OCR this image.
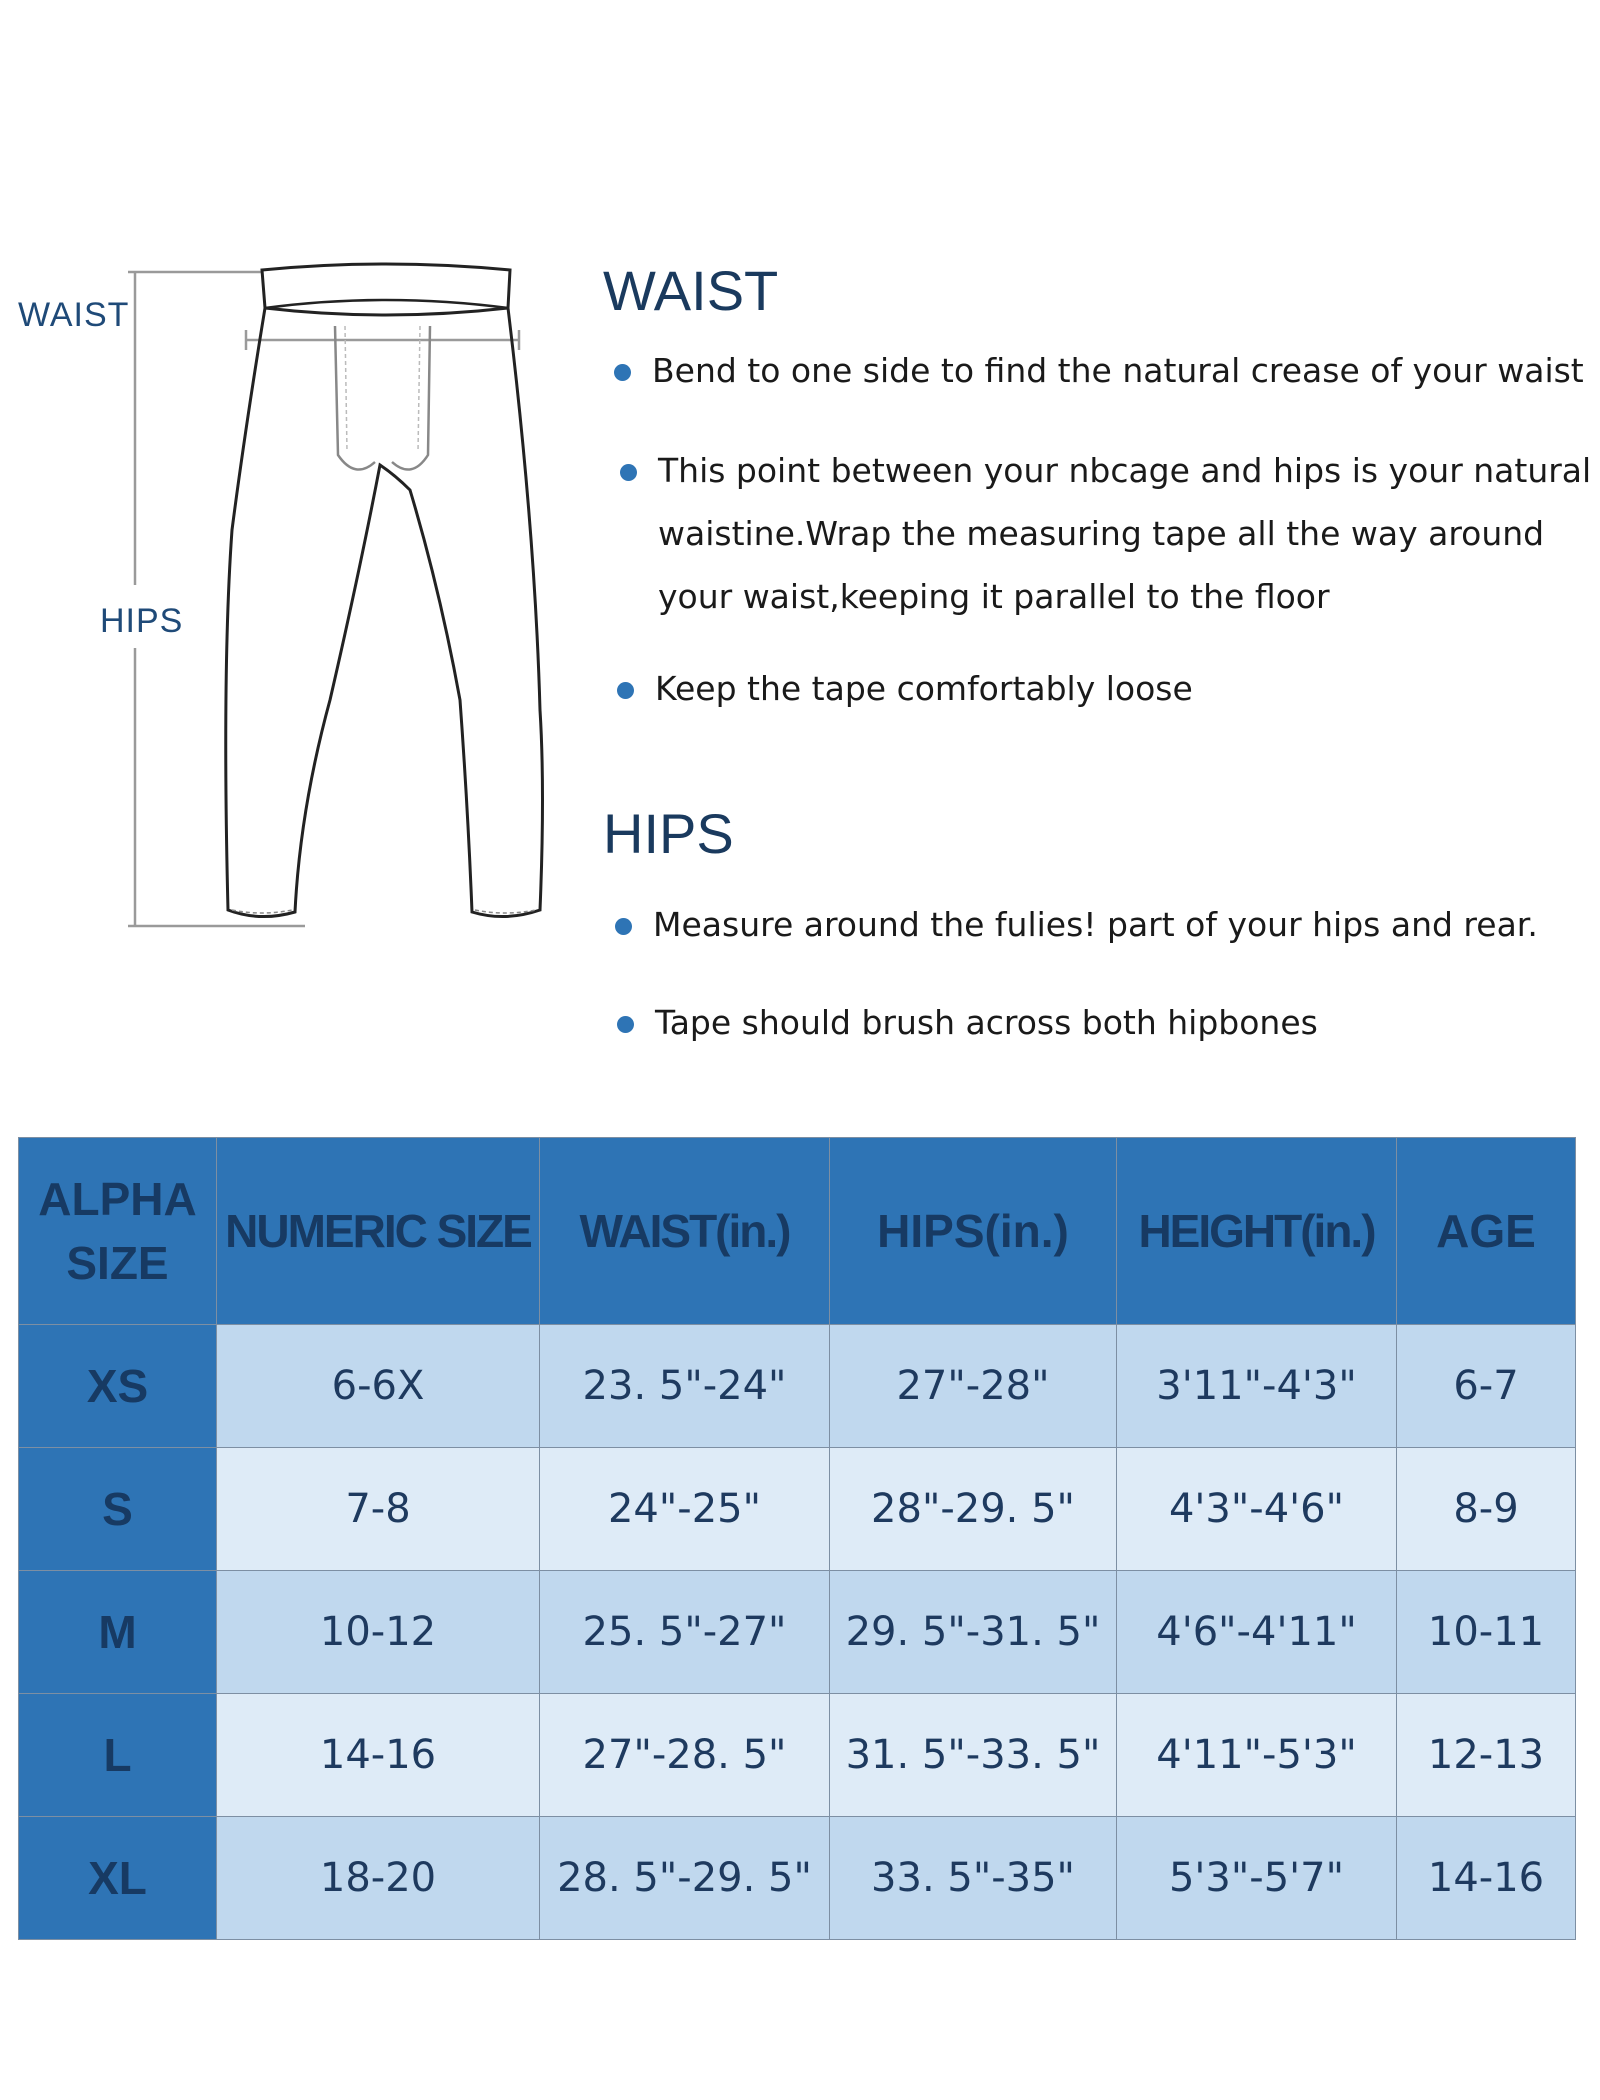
WAIST
HIPS
WAIST
Bend to one side to find the natural crease of your waist
This point between your nbcage and hips is your natural
waistine.Wrap the measuring tape all the way around
your waist,keeping it parallel to the floor
Keep the tape comfortably loose
HIPS
Measure around the fulies! part of your hips and rear.
Tape should brush across both hipbones
ALPHA
SIZE	NUMERIC SIZE	WAIST(in.)	HIPS(in.)	HEIGHT(in.)	AGE
XS	6-6X	23. 5"-24"	27"-28"	3'11"-4'3"	6-7
S	7-8	24"-25"	28"-29. 5"	4'3"-4'6"	8-9
M	10-12	25. 5"-27"	29. 5"-31. 5"	4'6"-4'11"	10-11
L	14-16	27"-28. 5"	31. 5"-33. 5"	4'11"-5'3"	12-13
XL	18-20	28. 5"-29. 5"	33. 5"-35"	5'3"-5'7"	14-16
